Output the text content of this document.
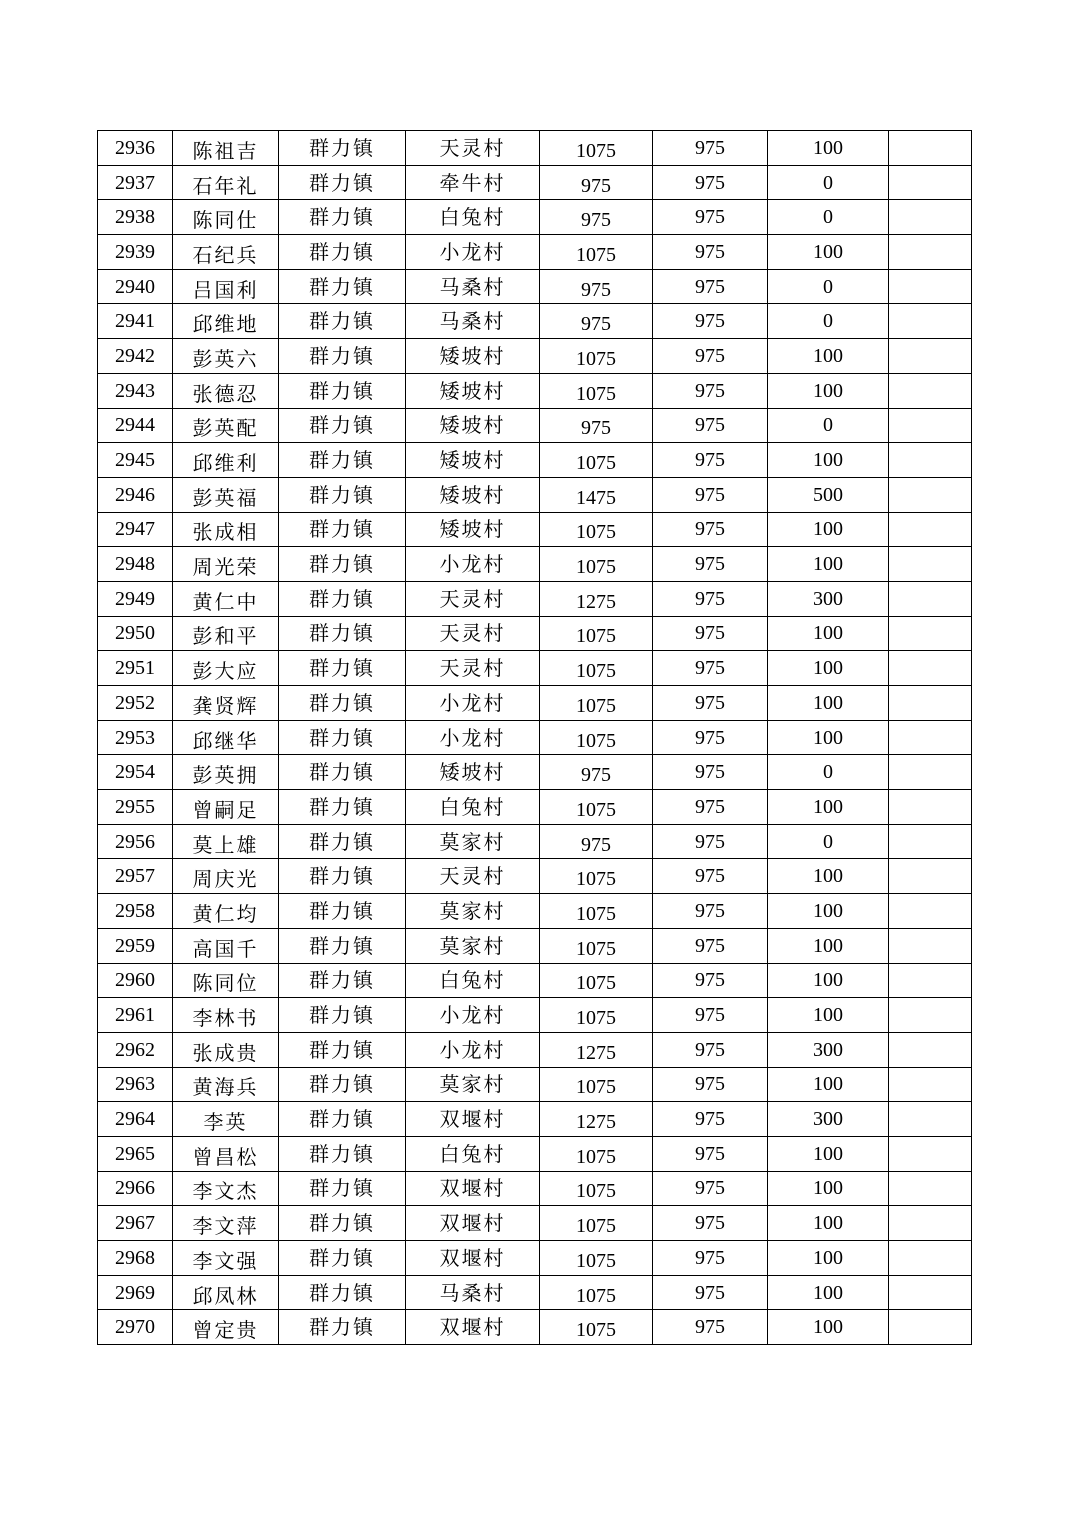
2936	陈祖吉	群力镇	天灵村	1075	975	100	
2937	石年礼	群力镇	牵牛村	975	975	0	
2938	陈同仕	群力镇	白兔村	975	975	0	
2939	石纪兵	群力镇	小龙村	1075	975	100	
2940	吕国利	群力镇	马桑村	975	975	0	
2941	邱维地	群力镇	马桑村	975	975	0	
2942	彭英六	群力镇	矮坡村	1075	975	100	
2943	张德忍	群力镇	矮坡村	1075	975	100	
2944	彭英配	群力镇	矮坡村	975	975	0	
2945	邱维利	群力镇	矮坡村	1075	975	100	
2946	彭英福	群力镇	矮坡村	1475	975	500	
2947	张成相	群力镇	矮坡村	1075	975	100	
2948	周光荣	群力镇	小龙村	1075	975	100	
2949	黄仁中	群力镇	天灵村	1275	975	300	
2950	彭和平	群力镇	天灵村	1075	975	100	
2951	彭大应	群力镇	天灵村	1075	975	100	
2952	龚贤辉	群力镇	小龙村	1075	975	100	
2953	邱继华	群力镇	小龙村	1075	975	100	
2954	彭英拥	群力镇	矮坡村	975	975	0	
2955	曾嗣足	群力镇	白兔村	1075	975	100	
2956	莫上雄	群力镇	莫家村	975	975	0	
2957	周庆光	群力镇	天灵村	1075	975	100	
2958	黄仁均	群力镇	莫家村	1075	975	100	
2959	高国千	群力镇	莫家村	1075	975	100	
2960	陈同位	群力镇	白兔村	1075	975	100	
2961	李林书	群力镇	小龙村	1075	975	100	
2962	张成贵	群力镇	小龙村	1275	975	300	
2963	黄海兵	群力镇	莫家村	1075	975	100	
2964	李英	群力镇	双堰村	1275	975	300	
2965	曾昌松	群力镇	白兔村	1075	975	100	
2966	李文杰	群力镇	双堰村	1075	975	100	
2967	李文萍	群力镇	双堰村	1075	975	100	
2968	李文强	群力镇	双堰村	1075	975	100	
2969	邱凤林	群力镇	马桑村	1075	975	100	
2970	曾定贵	群力镇	双堰村	1075	975	100	
